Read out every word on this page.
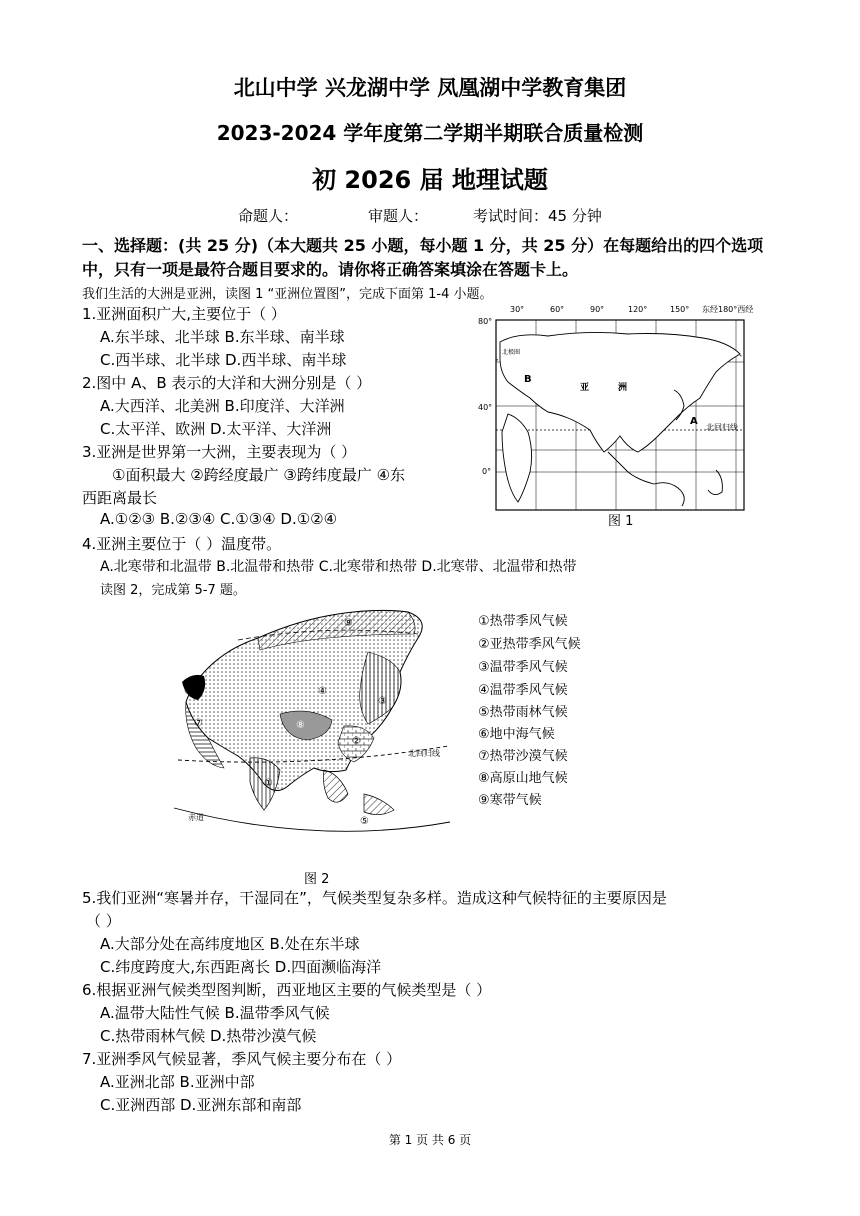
北山中学 兴龙湖中学 凤凰湖中学教育集团
2023-2024 学年度第二学期半期联合质量检测
初 2026 届 地理试题
命题人：	审题人：	考试时间：45 分钟
一、选择题：(共 25 分)（本大题共 25 小题，每小题 1 分，共 25 分）在每题给出的四个选项
中，只有一项是最符合题目要求的。请你将正确答案填涂在答题卡上。
我们生活的大洲是亚洲，读图 1 “亚洲位置图”，完成下面第 1-4 小题。
1.亚洲面积广大,主要位于（ ）
A.东半球、北半球 B.东半球、南半球
C.西半球、北半球 D.西半球、南半球
2.图中 A、B 表示的大洋和大洲分别是（ ）
A.大西洋、北美洲 B.印度洋、大洋洲
C.太平洋、欧洲 D.太平洋、大洋洲
3.亚洲是世界第一大洲，主要表现为（ ）
①面积最大 ②跨经度最广 ③跨纬度最广 ④东
西距离最长
A.①②③ B.②③④ C.①③④ D.①②④
4.亚洲主要位于（ ）温度带。
A.北寒带和北温带 B.北温带和热带 C.北寒带和热带 D.北寒带、北温带和热带
读图 2，完成第 5-7 题。
30°	60°	90°	120°	150° 东经180°西经
80°
40°
0°
北极圈
北回归线
B
A
亚	洲
图 1
⑨
④
③
②
⑧
⑥
⑦
①
⑤
北回归线
赤道
图 2
①热带季风气候
②亚热带季风气候
③温带季风气候
④温带季风气候
⑤热带雨林气候
⑥地中海气候
⑦热带沙漠气候
⑧高原山地气候
⑨寒带气候
5.我们亚洲“寒暑并存，干湿同在”，气候类型复杂多样。造成这种气候特征的主要原因是
（ ）
A.大部分处在高纬度地区 B.处在东半球
C.纬度跨度大,东西距离长 D.四面濒临海洋
6.根据亚洲气候类型图判断，西亚地区主要的气候类型是（ ）
A.温带大陆性气候 B.温带季风气候
C.热带雨林气候 D.热带沙漠气候
7.亚洲季风气候显著，季风气候主要分布在（ ）
A.亚洲北部 B.亚洲中部
C.亚洲西部 D.亚洲东部和南部
第 1 页 共 6 页
